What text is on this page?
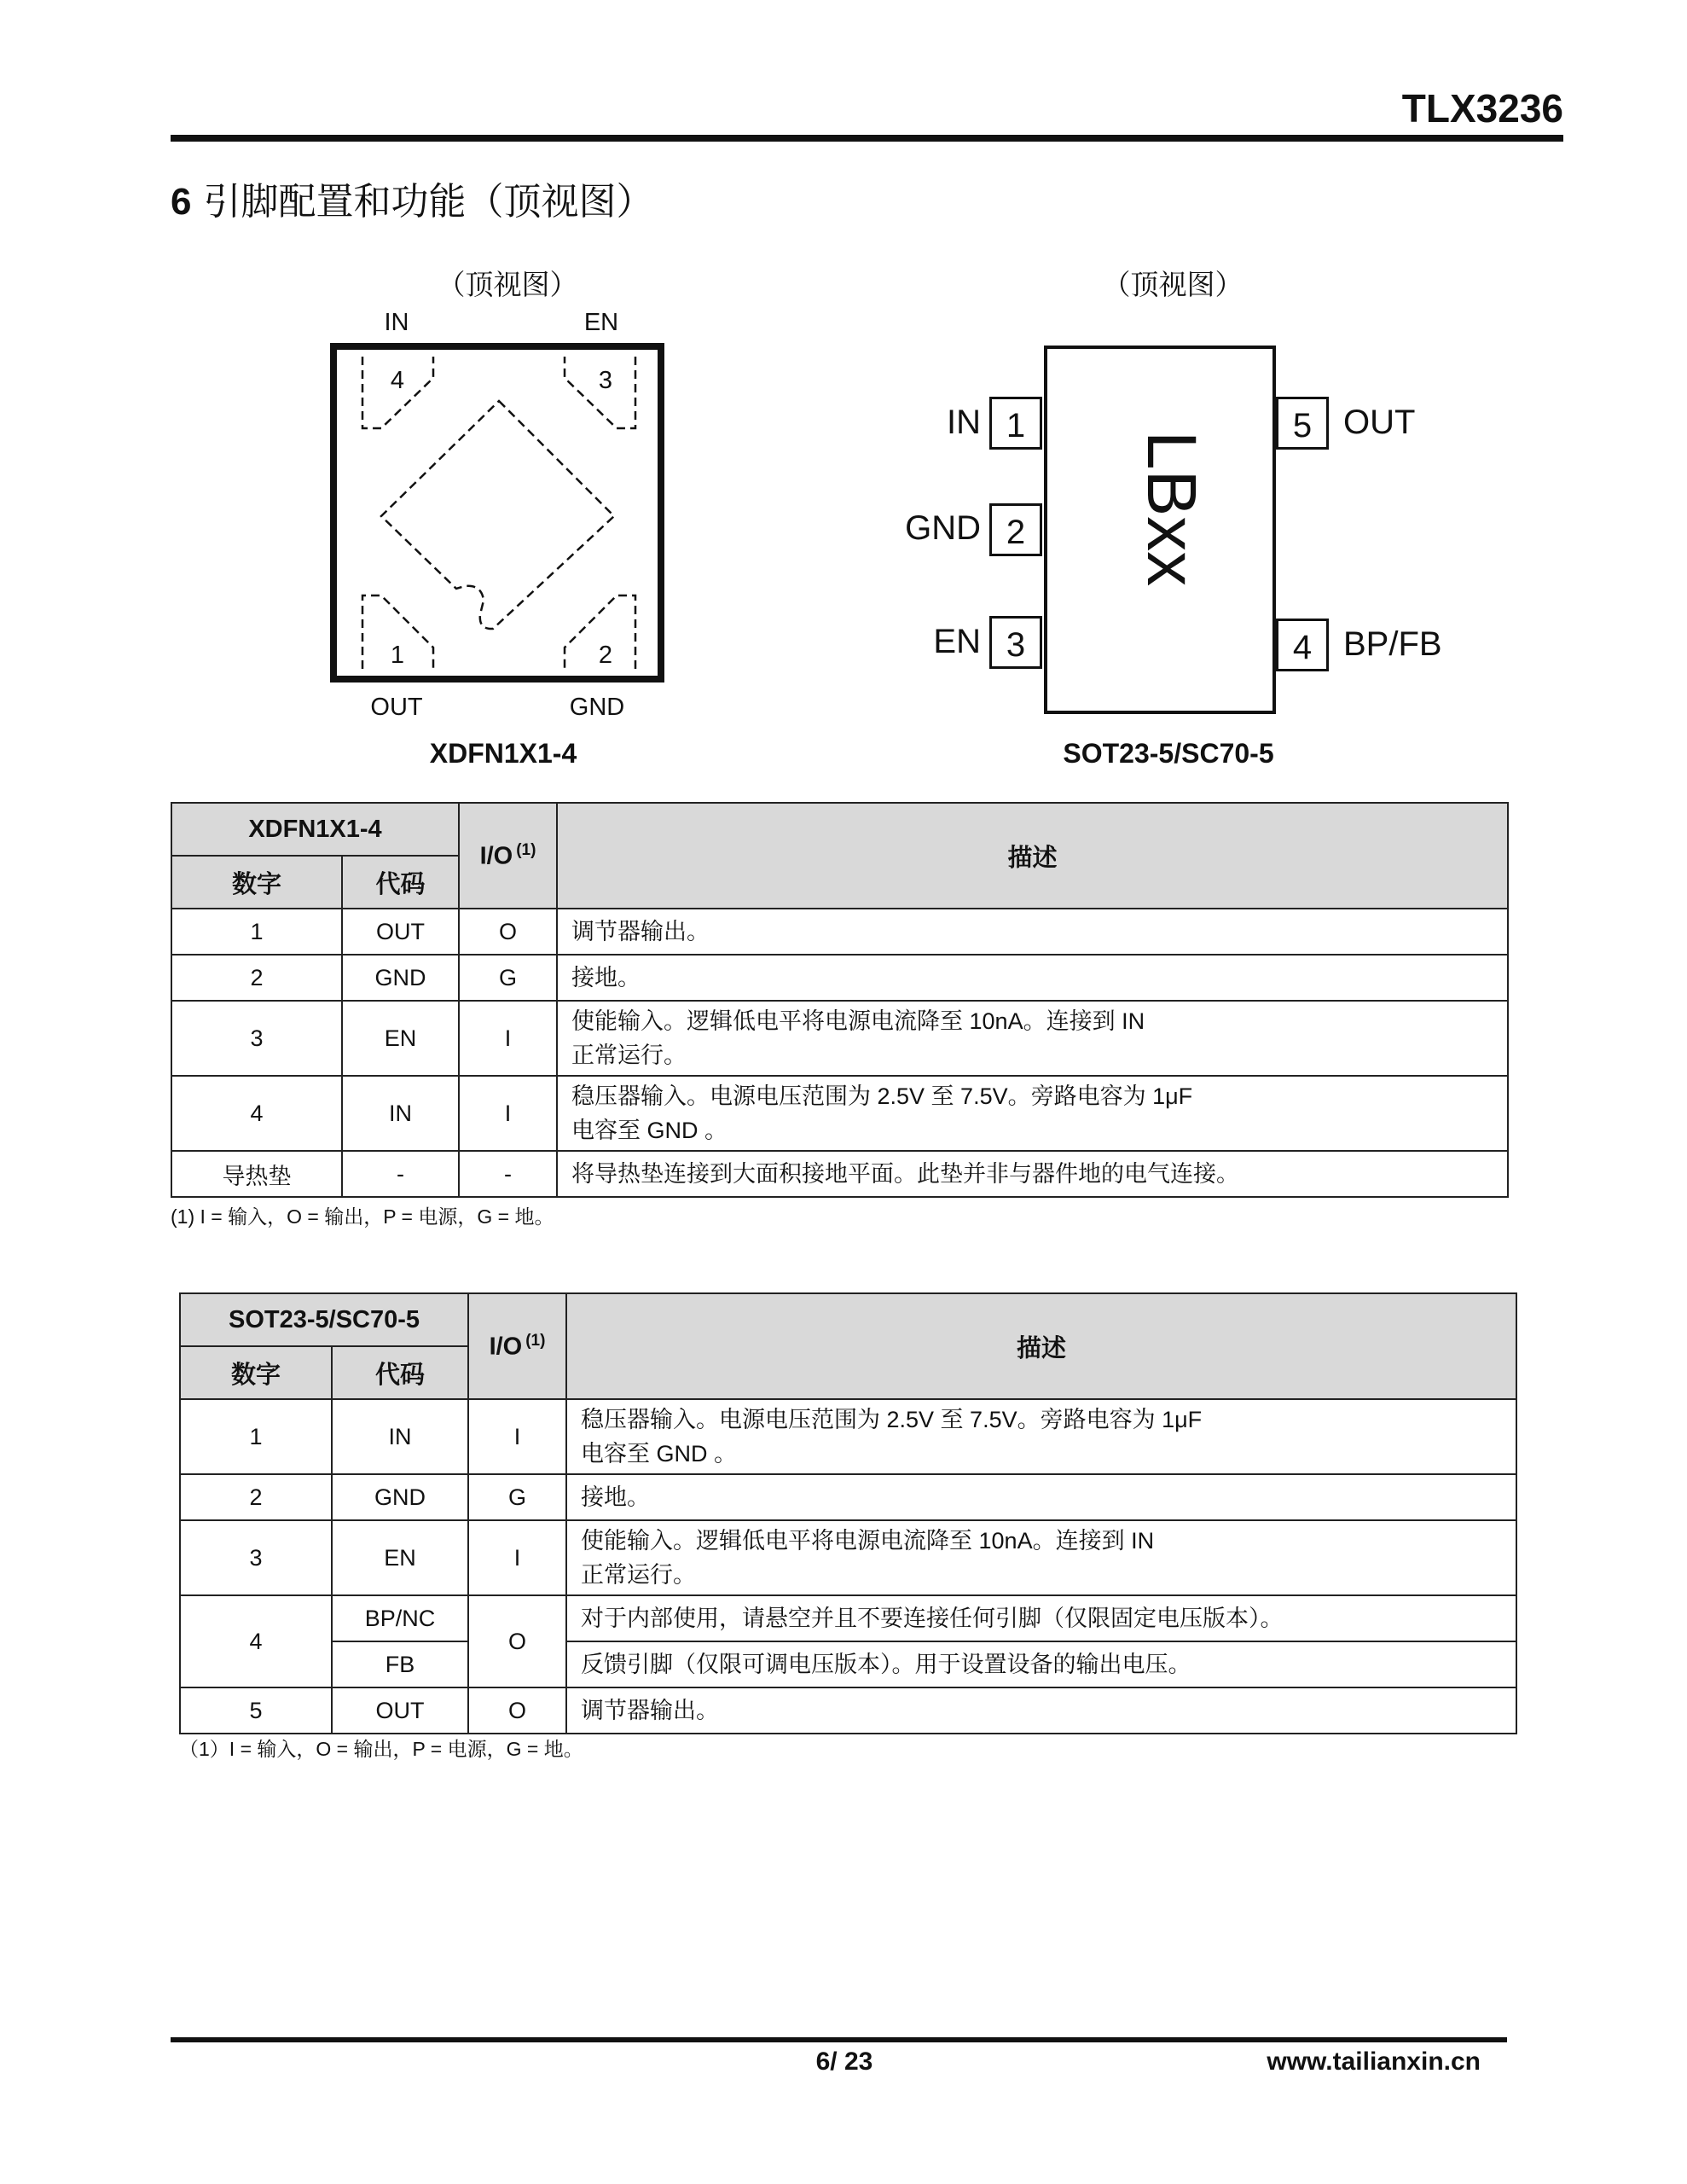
TLX3236
6 引脚配置和功能（顶视图）
（顶视图）
IN	EN
4	3
1	2
OUT	GND
XDFN1X1-4
（顶视图）
LBxx
1
2
3
5
4
IN
GND
EN
OUT
BP/FB
SOT23-5/SC70-5
XDFN1X1-4		I/O $^{(1)}$	描述
数字	代码		
1	OUT	O	调节器输出。
2	GND	G	接地。
3	EN	I	使能输入。逻辑低电平将电源电流降至 10nA。连接到 IN
正常运行。

4	IN	I	稳压器输入。电源电压范围为 2.5V 至 7.5V。旁路电容为 1μF
电容至 GND 。

导热垫	-	-	将导热垫连接到大面积接地平面。此垫并非与器件地的电气连接。
(1) I = 输入，O = 输出，P = 电源，G = 地。
SOT23-5/SC70-5		I/O $^{(1)}$	描述
数字	代码		
1	IN	I	稳压器输入。电源电压范围为 2.5V 至 7.5V。旁路电容为 1μF
电容至 GND 。

2	GND	G	接地。
3	EN	I	使能输入。逻辑低电平将电源电流降至 10nA。连接到 IN
正常运行。

4	BP/NC	O	对于内部使用，请悬空并且不要连接任何引脚（仅限固定电压版本）。
	FB		反馈引脚（仅限可调电压版本）。用于设置设备的输出电压。
5	OUT	O	调节器输出。
（1）I = 输入，O = 输出，P = 电源，G = 地。
6/ 23	www.tailianxin.cn
